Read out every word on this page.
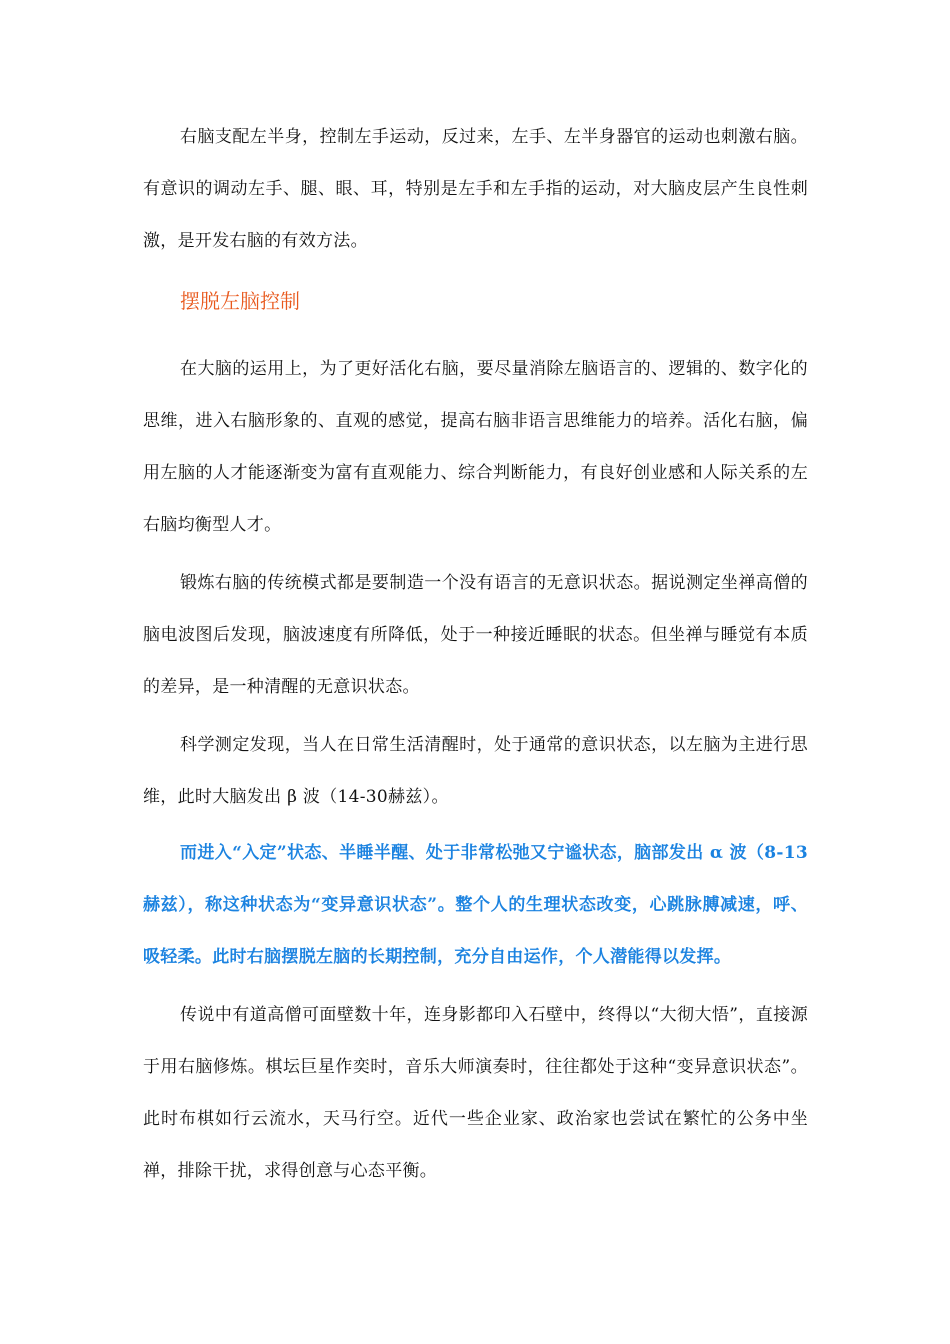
右脑支配左半身，控制左手运动，反过来，左手、左半身器官的运动也刺激右脑。有意识的调动左手、腿、眼、耳，特别是左手和左手指的运动，对大脑皮层产生良性刺激，是开发右脑的有效方法。

摆脱左脑控制

在大脑的运用上，为了更好活化右脑，要尽量消除左脑语言的、逻辑的、数字化的思维，进入右脑形象的、直观的感觉，提高右脑非语言思维能力的培养。活化右脑，偏用左脑的人才能逐渐变为富有直观能力、综合判断能力，有良好创业感和人际关系的左右脑均衡型人才。

锻炼右脑的传统模式都是要制造一个没有语言的无意识状态。据说测定坐禅高僧的脑电波图后发现，脑波速度有所降低，处于一种接近睡眠的状态。但坐禅与睡觉有本质的差异，是一种清醒的无意识状态。

科学测定发现，当人在日常生活清醒时，处于通常的意识状态，以左脑为主进行思维，此时大脑发出 β 波（14-30赫兹）。

而进入“入定”状态、半睡半醒、处于非常松弛又宁谧状态，脑部发出 α 波（8-13赫兹），称这种状态为“变异意识状态”。整个人的生理状态改变，心跳脉膊减速，呼、吸轻柔。此时右脑摆脱左脑的长期控制，充分自由运作，个人潜能得以发挥。

传说中有道高僧可面壁数十年，连身影都印入石壁中，终得以“大彻大悟”，直接源于用右脑修炼。棋坛巨星作奕时，音乐大师演奏时，往往都处于这种“变异意识状态”。此时布棋如行云流水，天马行空。近代一些企业家、政治家也尝试在繁忙的公务中坐禅，排除干扰，求得创意与心态平衡。
